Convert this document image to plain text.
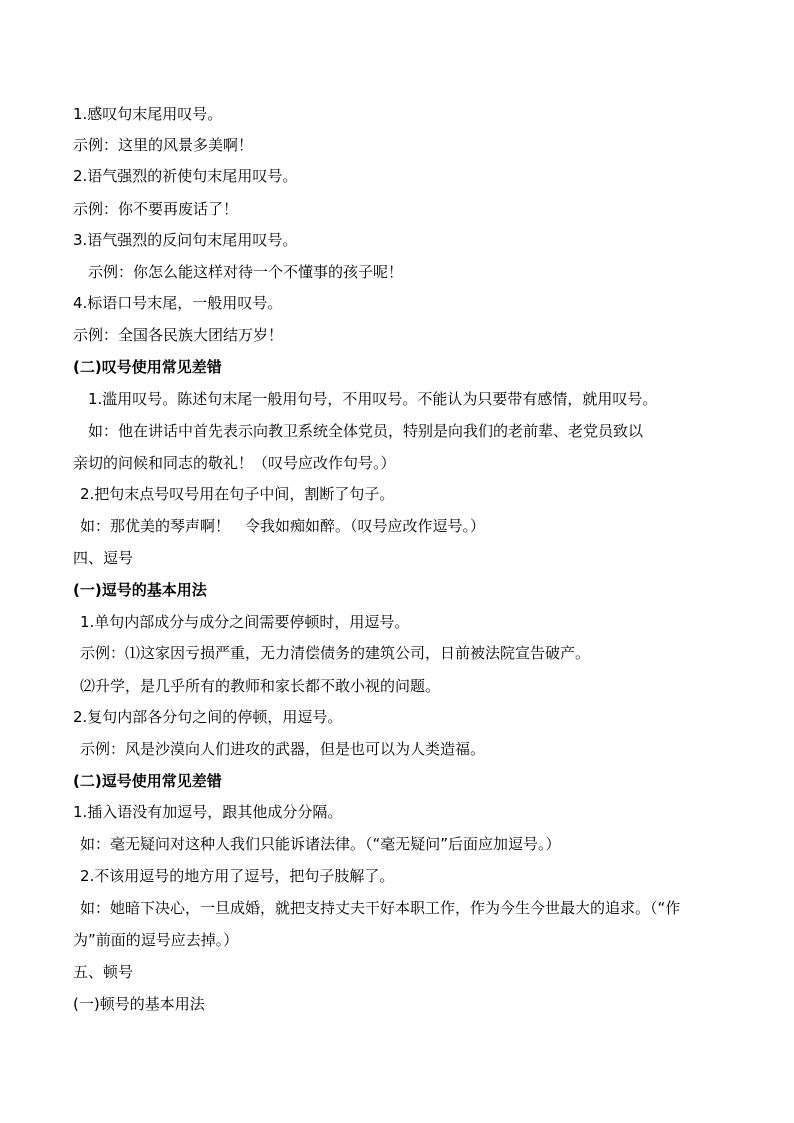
1.感叹句末尾用叹号。
示例：这里的风景多美啊！
2.语气强烈的祈使句末尾用叹号。
示例：你不要再废话了！
3.语气强烈的反问句末尾用叹号。
示例：你怎么能这样对待一个不懂事的孩子呢！
4.标语口号末尾，一般用叹号。
示例：全国各民族大团结万岁！
(二)叹号使用常见差错
1.滥用叹号。陈述句末尾一般用句号，不用叹号。不能认为只要带有感情，就用叹号。
如：他在讲话中首先表示向教卫系统全体党员，特别是向我们的老前辈、老党员致以
亲切的问候和同志的敬礼！（叹号应改作句号。）
2.把句末点号叹号用在句子中间，割断了句子。
如：那优美的琴声啊！　令我如痴如醉。（叹号应改作逗号。）
四、逗号
(一)逗号的基本用法
1.单句内部成分与成分之间需要停顿时，用逗号。
示例：⑴这家因亏损严重，无力清偿债务的建筑公司，日前被法院宣告破产。
⑵升学，是几乎所有的教师和家长都不敢小视的问题。
2.复句内部各分句之间的停顿，用逗号。
示例：风是沙漠向人们进攻的武器，但是也可以为人类造福。
(二)逗号使用常见差错
1.插入语没有加逗号，跟其他成分分隔。
如：毫无疑问对这种人我们只能诉诸法律。（“毫无疑问”后面应加逗号。）
2.不该用逗号的地方用了逗号，把句子肢解了。
如：她暗下决心，一旦成婚，就把支持丈夫干好本职工作，作为今生今世最大的追求。（“作
为”前面的逗号应去掉。）
五、顿号
(一)顿号的基本用法
